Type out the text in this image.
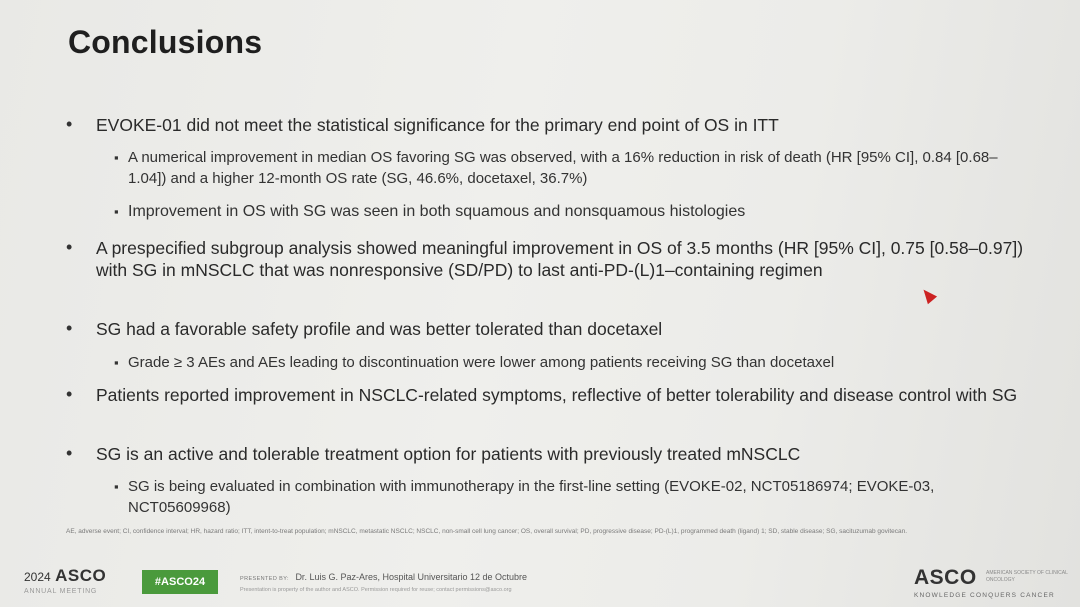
Conclusions
•	EVOKE-01 did not meet the statistical significance for the primary end point of OS in ITT
▪ A numerical improvement in median OS favoring SG was observed, with a 16% reduction in risk of death (HR [95% CI], 0.84 [0.68–1.04]) and a higher 12-month OS rate (SG, 46.6%, docetaxel, 36.7%)
▪ Improvement in OS with SG was seen in both squamous and nonsquamous histologies
•	A prespecified subgroup analysis showed meaningful improvement in OS of 3.5 months (HR [95% CI], 0.75 [0.58–0.97]) with SG in mNSCLC that was nonresponsive (SD/PD) to last anti-PD-(L)1–containing regimen
•	SG had a favorable safety profile and was better tolerated than docetaxel
▪ Grade ≥ 3 AEs and AEs leading to discontinuation were lower among patients receiving SG than docetaxel
•	Patients reported improvement in NSCLC-related symptoms, reflective of better tolerability and disease control with SG
•	SG is an active and tolerable treatment option for patients with previously treated mNSCLC
▪ SG is being evaluated in combination with immunotherapy in the first-line setting (EVOKE-02, NCT05186974; EVOKE-03, NCT05609968)
AE, adverse event; CI, confidence interval; HR, hazard ratio; ITT, intent-to-treat population; mNSCLC, metastatic NSCLC; NSCLC, non-small cell lung cancer; OS, overall survival; PD, progressive disease; PD-(L)1, programmed death (ligand) 1; SD, stable disease; SG, sacituzumab govitecan.
2024 ASCO
ANNUAL MEETING
#ASCO24	PRESENTED BY: Dr. Luis G. Paz-Ares, Hospital Universitario 12 de Octubre
Presentation is property of the author and ASCO. Permission required for reuse; contact permissions@asco.org
ASCO AMERICAN SOCIETY OF CLINICAL ONCOLOGY
KNOWLEDGE CONQUERS CANCER
